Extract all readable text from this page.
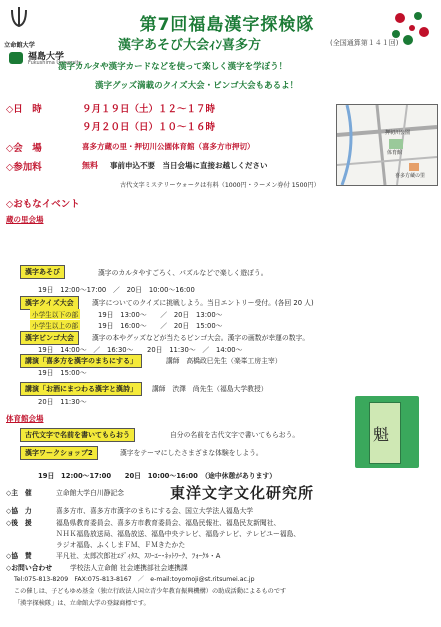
立命館大学
福島大学
Fukushima University
第7回福島漢字探検隊
漢字あそび大会ｨﾝ喜多方	(全国通算第１４１回)
漢字カルタや漢字カードなどを使って楽しく漢字を学ぼう！
漢字グッズ満載のクイズ大会・ビンゴ大会もあるよ！
◇日　時	９月１９日（土）１２～１７時
９月２０日（日）１０～１６時	押切川公園
体育館
喜多方蔵の里
◇会　場	喜多方蔵の里・押切川公園体育館（喜多方市押切）
◇参加料	無料 事前申込不要　当日会場に直接お越しください
古代文字ミステリーウォークは有料（1000円・ラーメン券付 1500円）
◇おもなイベント
蔵の里会場
漢字あそび	漢字のカルタやすごろく、パズルなどで楽しく遊ぼう。
19日　12:00～17:00　／　20日　10:00～16:00
漢字クイズ大会	漢字についてのクイズに挑戦しよう。当日エントリー受付。(各回 20 人)
小学生以下の部	19日　13:00～　　／　20日　13:00～
小学生以上の部	19日　16:00～　　／　20日　15:00～
漢字ビンゴ大会	漢字の本やグッズなどが当たるビンゴ大会。漢字の画数が幸運の数字。
19日　14:00～　／　16:30～　　20日　11:30～　／　14:00～
講演「喜多方を漢字のまちにする」	講師　高橋政巳先生（楽峯工房主宰）
19日　15:00～
講演「お酒にまつわる漢字と漢詩」	講師　渋澤　尚先生（福島大学教授）
20日　11:30～
体育館会場
古代文字で名前を書いてもらおう	自分の名前を古代文字で書いてもらおう。
漢字ワークショップ2	漢字をテーマにしたさまざまな体験をしよう。
19日　12:00～17:00　　20日　10:00～16:00　（途中休憩があります）
魁
◇主　催	立命館大学白川静記念	東洋文字文化研究所
◇協　力	喜多方市、喜多方市漢字のまちにする会、国立大学法人福島大学
◇後　援	福島県教育委員会、喜多方市教育委員会、福島民報社、福島民友新聞社、
ＮＨＫ福島放送局、福島放送、福島中央テレビ、福島テレビ、テレビユー福島、
ラジオ福島、ふくしまＦＭ、ＦＭきたかた
◇協　賛	平凡社、太郎次郎社ｴﾃﾞｨﾀｽ、ｽﾘｰｴｰ･ﾈｯﾄﾜｰｸ、ﾌｫｰｸﾙ・A
◇お問い合わせ	学校法人立命館 社会連携部社会連携課
Tel:075-813-8209　FAX:075-813-8167　／　e-mail:toyomoji@st.ritsumei.ac.jp
この催しは、子どもゆめ基金（独立行政法人国立青少年教育振興機構）の助成活動によるものです
「漢字探検隊」は、立命館大学の登録商標です。
